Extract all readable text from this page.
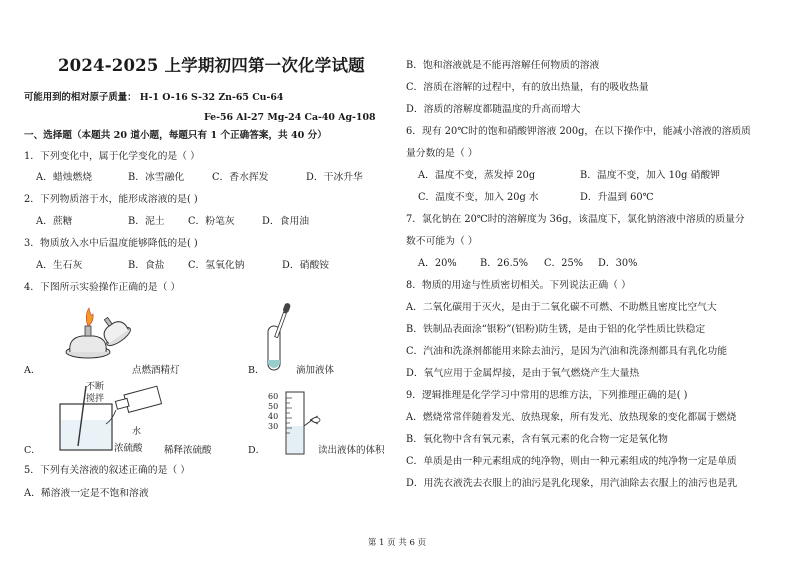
2024-2025 上学期初四第一次化学试题
可能用到的相对原子质量： H-1 O-16 S-32 Zn-65 Cu-64
Fe-56 Al-27 Mg-24 Ca-40 Ag-108
一、选择题（本题共 20 道小题，每题只有 1 个正确答案，共 40 分）
1．下列变化中，属于化学变化的是（ ）
A．蜡烛燃烧	B．冰雪融化	C．香水挥发	D．干冰升华
2．下列物质溶于水，能形成溶液的是( )
A．蔗糖	B．泥土 C．粉笔灰	D．食用油
3．物质放入水中后温度能够降低的是( )
A．生石灰	B．食盐 C．氢氧化钠	D．硝酸铵
4．下图所示实验操作正确的是（ ）
A．	点燃酒精灯	B．	滴加液体
不断
搅拌
水
浓硫酸
C．	稀释浓硫酸
60
50
40
30
D．	读出液体的体积
5．下列有关溶液的叙述正确的是（ ）
A．稀溶液一定是不饱和溶液
B．饱和溶液就是不能再溶解任何物质的溶液
C．溶质在溶解的过程中，有的放出热量，有的吸收热量
D．溶质的溶解度都随温度的升高而增大
6．现有 20℃时的饱和硝酸钾溶液 200g，在以下操作中，能减小溶液的溶质质
量分数的是（ ）
A．温度不变，蒸发掉 20g	B．温度不变，加入 10g 硝酸钾
C．温度不变，加入 20g 水	D．升温到 60℃
7．氯化钠在 20℃时的溶解度为 36g，该温度下，氯化钠溶液中溶质的质量分
数不可能为（ ）
A．20% B．26.5% C．25% D．30%
8．物质的用途与性质密切相关。下列说法正确（ ）
A．二氧化碳用于灭火，是由于二氧化碳不可燃、不助燃且密度比空气大
B．铁制品表面涂“银粉”(铝粉)防生锈，是由于铝的化学性质比铁稳定
C．汽油和洗涤剂都能用来除去油污，是因为汽油和洗涤剂都具有乳化功能
D．氧气应用于金属焊接，是由于氧气燃烧产生大量热
9．逻辑推理是化学学习中常用的思维方法，下列推理正确的是( )
A．燃烧常常伴随着发光、放热现象，所有发光、放热现象的变化都属于燃烧
B．氧化物中含有氧元素，含有氧元素的化合物一定是氧化物
C．单质是由一种元素组成的纯净物，则由一种元素组成的纯净物一定是单质
D．用洗衣液洗去衣服上的油污是乳化现象，用汽油除去衣服上的油污也是乳
第 1 页 共 6 页
